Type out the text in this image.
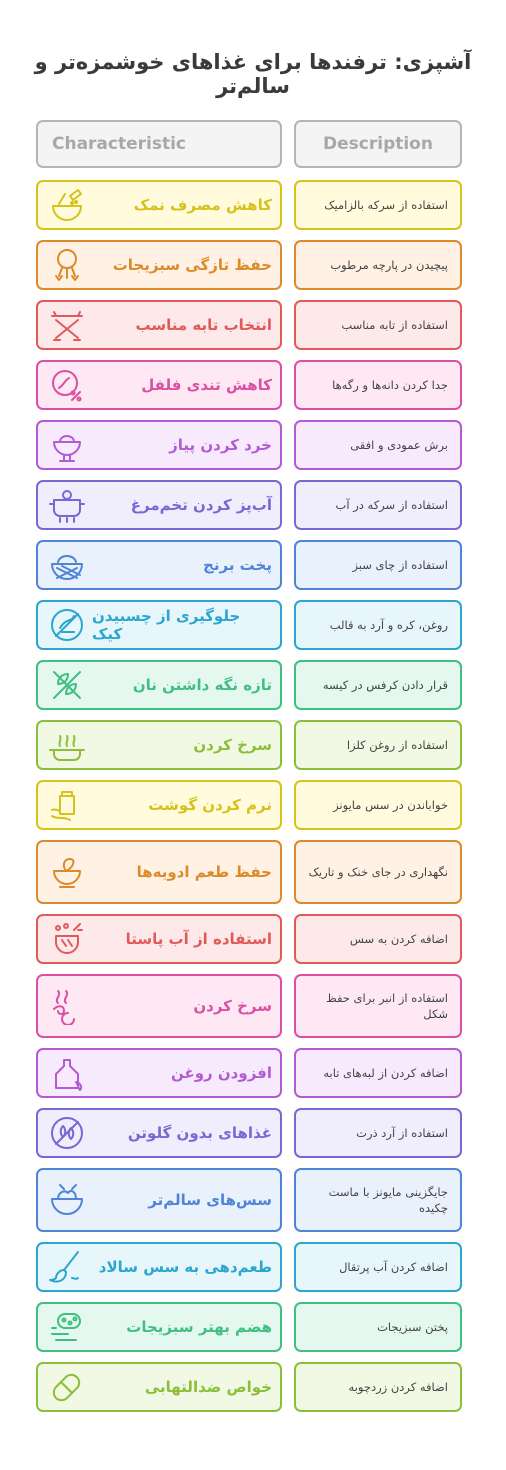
آشپزی: ترفندها برای غذاهای خوشمزه‌تر و سالم‌تر
Characteristic	Description
کاهش مصرف نمک	استفاده از سرکه بالزامیک
حفظ تازگی سبزیجات	پیچیدن در پارچه مرطوب
انتخاب تابه مناسب	استفاده از تابه مناسب
کاهش تندی فلفل	جدا کردن دانه‌ها و رگه‌ها
خرد کردن پیاز	برش عمودی و افقی
آب‌پز کردن تخم‌مرغ	استفاده از سرکه در آب
پخت برنج	استفاده از چای سبز
جلوگیری از چسبیدن کیک	روغن، کره و آرد به قالب
تازه نگه داشتن نان	قرار دادن کرفس در کیسه
سرخ کردن	استفاده از روغن کلزا
نرم کردن گوشت	خواباندن در سس مایونز
حفظ طعم ادویه‌ها	نگهداری در جای خنک و تاریک
استفاده از آب پاستا	اضافه کردن به سس
سرخ کردن	استفاده از انبر برای حفظ شکل
افزودن روغن	اضافه کردن از لبه‌های تابه
غذاهای بدون گلوتن	استفاده از آرد ذرت
سس‌های سالم‌تر	جایگزینی مایونز با ماست چکیده
طعم‌دهی به سس سالاد	اضافه کردن آب پرتقال
هضم بهتر سبزیجات	پختن سبزیجات
خواص ضدالتهابی	اضافه کردن زردچوبه
